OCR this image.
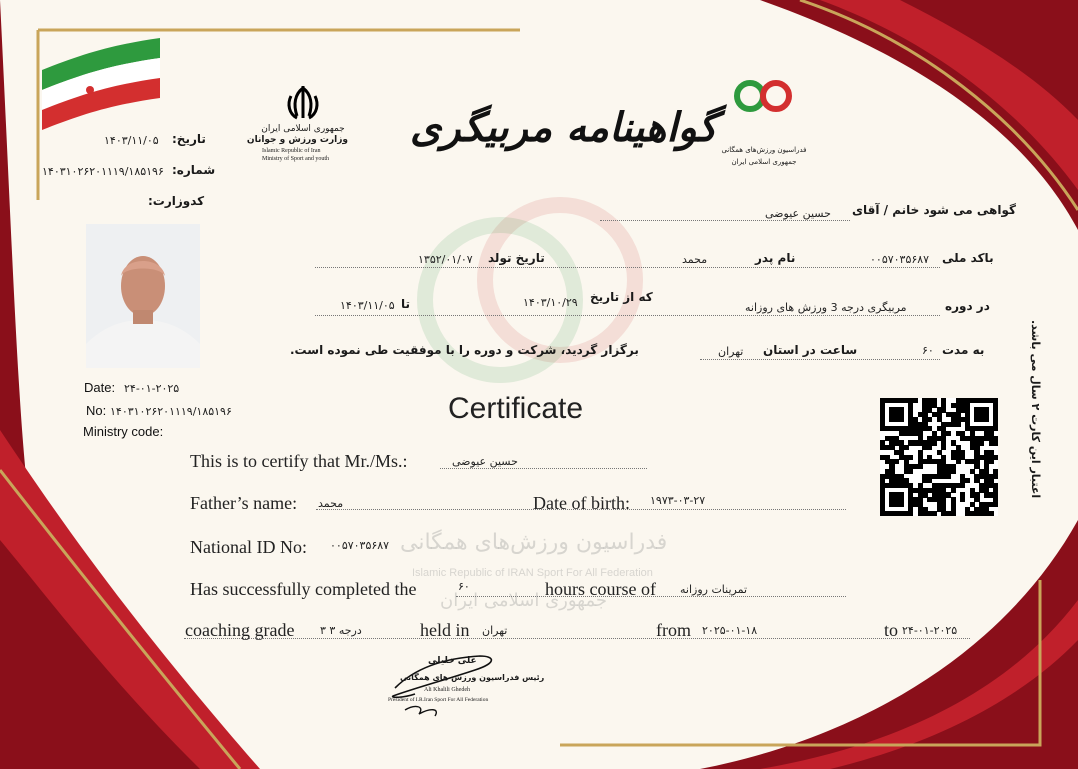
جمهوری اسلامی ایران
وزارت ورزش و جوانان
Islamic Republic of Iran
Ministry of Sport and youth
فدراسیون ورزش‌های همگانی
جمهوری اسلامی ایران
گواهینامه مربیگری
تاریخ:
۱۴۰۳/۱۱/۰۵
شماره:
۱۴۰۳۱۰۲۶۲۰۱۱۱۹/۱۸۵۱۹۶
کدوزارت:
Date: ۲۴-۰۱-۲۰۲۵
No: ۱۴۰۳۱۰۲۶۲۰۱۱۱۹/۱۸۵۱۹۶
Ministry code:
گواهی می شود خانم / آقای
حسین عیوضی
باکد ملی
۰۰۵۷۰۳۵۶۸۷
نام پدر
محمد
تاریخ تولد
۱۳۵۲/۰۱/۰۷
در دوره
مربیگری درجه 3 ورزش های روزانه
که از تاریخ
۱۴۰۳/۱۰/۲۹
تا
۱۴۰۳/۱۱/۰۵
به مدت
۶۰
ساعت در استان
تهران
برگزار گردید، شرکت و دوره را با موفقیت طی نموده است.
Certificate
فدراسیون ورزش‌های همگانی
Islamic Republic of IRAN Sport For All Federation
جمهوری اسلامی ایران
This is to certify that Mr./Ms.:	حسین عیوضی
Father’s name: محمد	Date of birth: ۱۹۷۳-۰۳-۲۷
National ID No: ۰۰۵۷۰۳۵۶۸۷
Has successfully completed the	۶۰	hours course of تمرینات روزانه
coaching grade ۳ درجه ۳	held in تهران	from ۲۰۲۵-۰۱-۱۸	to ۲۴-۰۱-۲۰۲۵
علی خلیلی
رئیس فدراسیون ورزش های همگانی
Ali Khalili Ghedeh
President of I.R.Iran Sport For All Federation
اعتبار این کارت ۲ سال می باشد.
